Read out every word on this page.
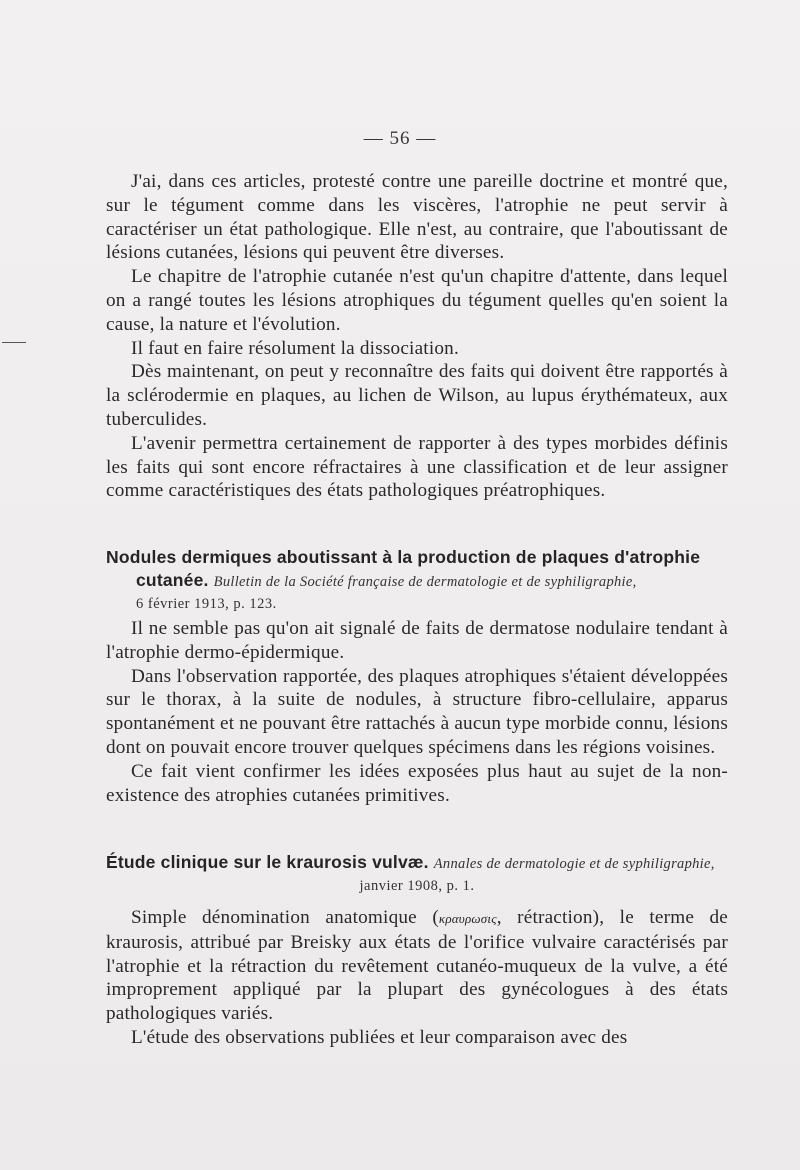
— 56 —

J'ai, dans ces articles, protesté contre une pareille doctrine et montré que, sur le tégument comme dans les viscères, l'atrophie ne peut servir à caractériser un état pathologique. Elle n'est, au contraire, que l'aboutissant de lésions cutanées, lésions qui peuvent être diverses.

Le chapitre de l'atrophie cutanée n'est qu'un chapitre d'attente, dans lequel on a rangé toutes les lésions atrophiques du tégument quelles qu'en soient la cause, la nature et l'évolution.

Il faut en faire résolument la dissociation.

Dès maintenant, on peut y reconnaître des faits qui doivent être rapportés à la sclérodermie en plaques, au lichen de Wilson, au lupus érythémateux, aux tuberculides.

L'avenir permettra certainement de rapporter à des types morbides définis les faits qui sont encore réfractaires à une classification et de leur assigner comme caractéristiques des états pathologiques préatrophiques.

Nodules dermiques aboutissant à la production de plaques d'atrophie
cutanée. Bulletin de la Société française de dermatologie et de syphiligraphie,
6 février 1913, p. 123.

Il ne semble pas qu'on ait signalé de faits de dermatose nodulaire tendant à l'atrophie dermo-épidermique.

Dans l'observation rapportée, des plaques atrophiques s'étaient développées sur le thorax, à la suite de nodules, à structure fibro-cellulaire, apparus spontanément et ne pouvant être rattachés à aucun type morbide connu, lésions dont on pouvait encore trouver quelques spécimens dans les régions voisines.

Ce fait vient confirmer les idées exposées plus haut au sujet de la non-existence des atrophies cutanées primitives.

Étude clinique sur le kraurosis vulvæ. Annales de dermatologie et de syphiligraphie,
janvier 1908, p. 1.

Simple dénomination anatomique (κραυρωσις, rétraction), le terme de kraurosis, attribué par Breisky aux états de l'orifice vulvaire caractérisés par l'atrophie et la rétraction du revêtement cutanéo-muqueux de la vulve, a été improprement appliqué par la plupart des gynécologues à des états pathologiques variés.

L'étude des observations publiées et leur comparaison avec des
